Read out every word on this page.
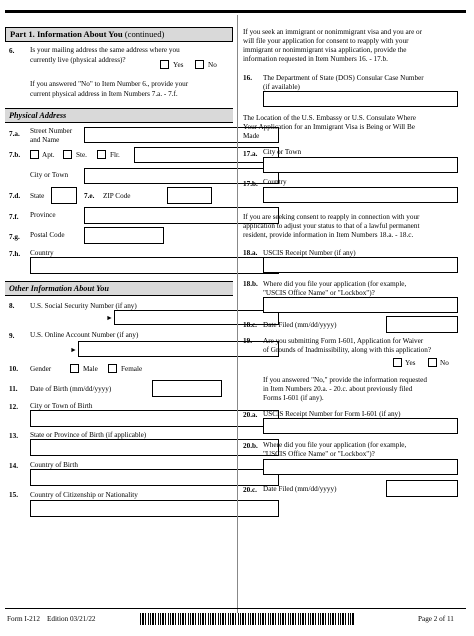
Part 1. Information About You (continued)
6. Is your mailing address the same address where you
currently live (physical address)?
Yes	No
If you answered "No" to Item Number 6., provide your
current physical address in Item Numbers 7.a. - 7.f.
Physical Address
7.a. Street Number
and Name
7.b.	Apt.	Ste.	Flr.
City or Town
7.d. State	7.e. ZIP Code
7.f. Province
7.g. Postal Code
7.h. Country
Other Information About You
8. U.S. Social Security Number (if any)
►
9. U.S. Online Account Number (if any)
►
10. Gender	Male	Female
11. Date of Birth (mm/dd/yyyy)
12. City or Town of Birth
13. State or Province of Birth (if applicable)
14. Country of Birth
15. Country of Citizenship or Nationality
If you seek an immigrant or nonimmigrant visa and you are or
will file your application for consent to reapply with your
immigrant or nonimmigrant visa application, provide the
information requested in Item Numbers 16. - 17.b.
16. The Department of State (DOS) Consular Case Number
(if available)
The Location of the U.S. Embassy or U.S. Consulate Where
Your Application for an Immigrant Visa is Being or Will Be
Made
17.a. City or Town
17.b. Country
If you are seeking consent to reapply in connection with your
application to adjust your status to that of a lawful permanent
resident, provide information in Item Numbers 18.a. - 18.c.
18.a. USCIS Receipt Number (if any)
18.b. Where did you file your application (for example,
"USCIS Office Name" or "Lockbox")?
18.c. Date Filed (mm/dd/yyyy)
19. Are you submitting Form I-601, Application for Waiver
of Grounds of Inadmissibility, along with this application?
Yes	No
If you answered "No," provide the information requested
in Item Numbers 20.a. - 20.c. about previously filed
Forms I-601 (if any).
20.a. USCIS Receipt Number for Form I-601 (if any)
20.b. Where did you file your application (for example,
"USCIS Office Name" or "Lockbox")?
20.c. Date Filed (mm/dd/yyyy)
Form I-212 Edition 03/21/22	Page 2 of 11
